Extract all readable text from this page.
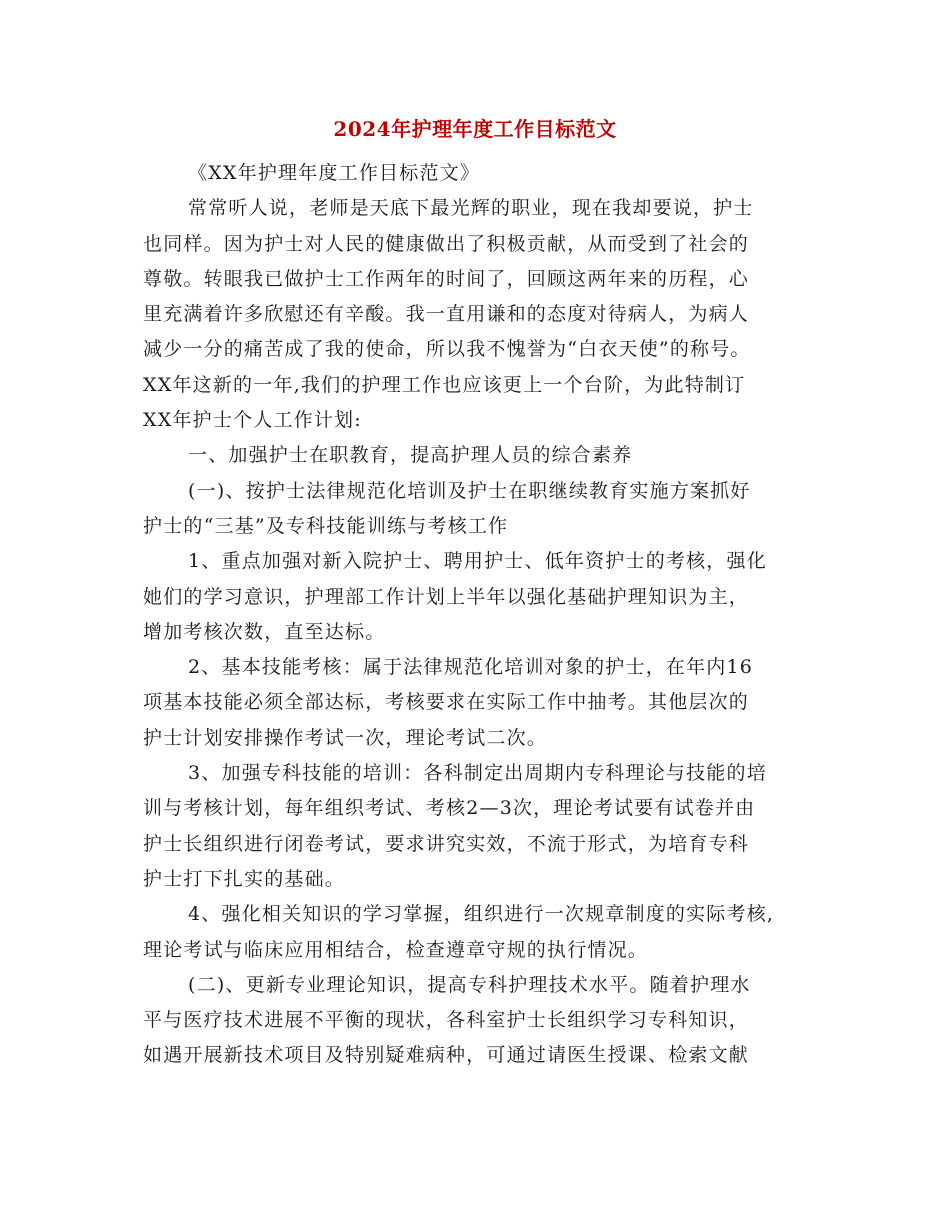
2024年护理年度工作目标范文
《XX年护理年度工作目标范文》
常常听人说，老师是天底下最光辉的职业，现在我却要说，护士
也同样。因为护士对人民的健康做出了积极贡献，从而受到了社会的
尊敬。转眼我已做护士工作两年的时间了，回顾这两年来的历程，心
里充满着许多欣慰还有辛酸。我一直用谦和的态度对待病人，为病人
减少一分的痛苦成了我的使命，所以我不愧誉为“白衣天使”的称号。
XX年这新的一年,我们的护理工作也应该更上一个台阶，为此特制订
XX年护士个人工作计划:
一、加强护士在职教育，提高护理人员的综合素养
(一)、按护士法律规范化培训及护士在职继续教育实施方案抓好
护士的“三基”及专科技能训练与考核工作
1、重点加强对新入院护士、聘用护士、低年资护士的考核，强化
她们的学习意识，护理部工作计划上半年以强化基础护理知识为主，
增加考核次数，直至达标。
2、基本技能考核：属于法律规范化培训对象的护士，在年内16
项基本技能必须全部达标，考核要求在实际工作中抽考。其他层次的
护士计划安排操作考试一次，理论考试二次。
3、加强专科技能的培训：各科制定出周期内专科理论与技能的培
训与考核计划，每年组织考试、考核2—3次，理论考试要有试卷并由
护士长组织进行闭卷考试，要求讲究实效，不流于形式，为培育专科
护士打下扎实的基础。
4、强化相关知识的学习掌握，组织进行一次规章制度的实际考核,
理论考试与临床应用相结合，检查遵章守规的执行情况。
(二)、更新专业理论知识，提高专科护理技术水平。随着护理水
平与医疗技术进展不平衡的现状，各科室护士长组织学习专科知识，
如遇开展新技术项目及特别疑难病种，可通过请医生授课、检索文献
